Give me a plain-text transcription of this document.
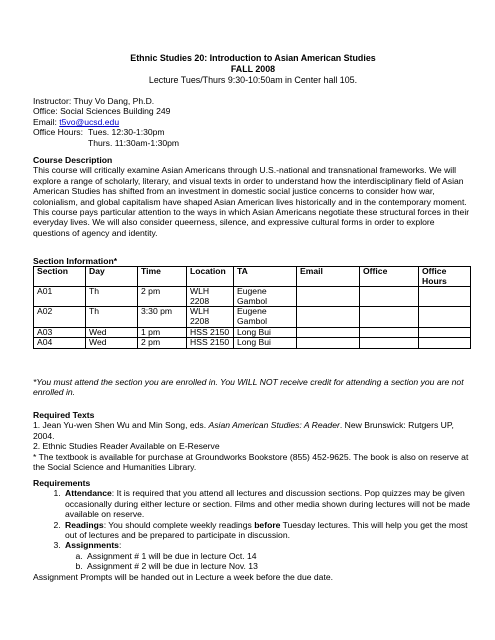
Ethnic Studies 20: Introduction to Asian American Studies
FALL 2008
Lecture Tues/Thurs 9:30-10:50am in Center hall 105.
Instructor: Thuy Vo Dang, Ph.D.
Office: Social Sciences Building 249
Email: t5vo@ucsd.edu
Office Hours: Tues. 12:30-1:30pm
Thurs. 11:30am-1:30pm
Course Description
This course will critically examine Asian Americans through U.S.-national and transnational frameworks. We will explore a range of scholarly, literary, and visual texts in order to understand how the interdisciplinary field of Asian American Studies has shifted from an investment in domestic social justice concerns to consider how war, colonialism, and global capitalism have shaped Asian American lives historically and in the contemporary moment. This course pays particular attention to the ways in which Asian Americans negotiate these structural forces in their everyday lives. We will also consider queerness, silence, and expressive cultural forms in order to explore questions of agency and identity.
Section Information*
Section	Day	Time	Location	TA	Email	Office	Office Hours
A01	Th	2 pm	WLH 2208	Eugene Gambol			
A02	Th	3:30 pm	WLH 2208	Eugene Gambol			
A03	Wed	1 pm	HSS 2150	Long Bui			
A04	Wed	2 pm	HSS 2150	Long Bui			
*You must attend the section you are enrolled in. You WILL NOT receive credit for attending a section you are not enrolled in.
Required Texts
1. Jean Yu-wen Shen Wu and Min Song, eds. Asian American Studies: A Reader. New Brunswick: Rutgers UP, 2004.
2. Ethnic Studies Reader Available on E-Reserve
* The textbook is available for purchase at Groundworks Bookstore (855) 452-9625. The book is also on reserve at the Social Science and Humanities Library.
Requirements
1. Attendance: It is required that you attend all lectures and discussion sections. Pop quizzes may be given occasionally during either lecture or section. Films and other media shown during lectures will not be made available on reserve.
2. Readings: You should complete weekly readings before Tuesday lectures. This will help you get the most out of lectures and be prepared to participate in discussion.
3. Assignments:
a. Assignment # 1 will be due in lecture Oct. 14
b. Assignment # 2 will be due in lecture Nov. 13
Assignment Prompts will be handed out in Lecture a week before the due date.
